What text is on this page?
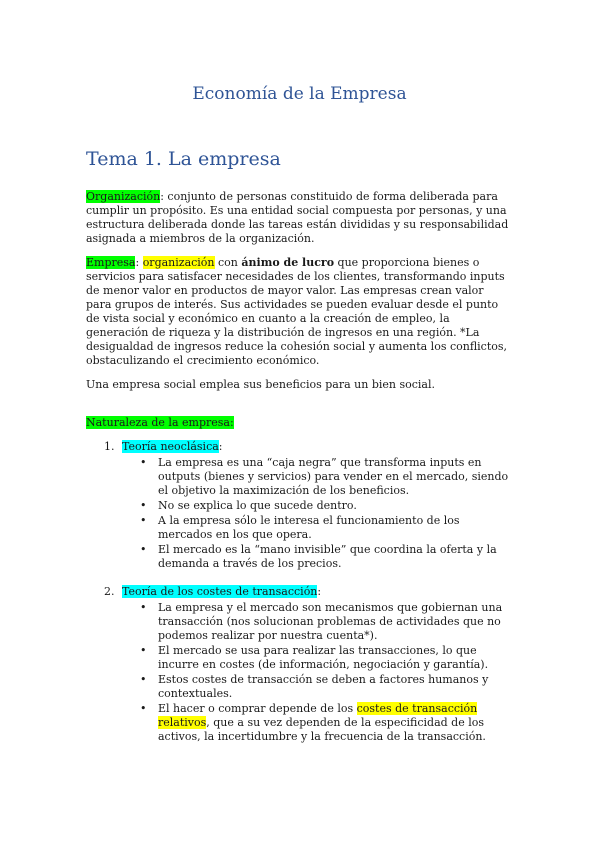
Economía de la Empresa
Tema 1. La empresa

Organización: conjunto de personas constituido de forma deliberada para cumplir un propósito. Es una entidad social compuesta por personas, y una estructura deliberada donde las tareas están divididas y su responsabilidad asignada a miembros de la organización.

Empresa: organización con ánimo de lucro que proporciona bienes o servicios para satisfacer necesidades de los clientes, transformando inputs de menor valor en productos de mayor valor. Las empresas crean valor para grupos de interés. Sus actividades se pueden evaluar desde el punto de vista social y económico en cuanto a la creación de empleo, la generación de riqueza y la distribución de ingresos en una región. *La desigualdad de ingresos reduce la cohesión social y aumenta los conflictos, obstaculizando el crecimiento económico.

Una empresa social emplea sus beneficios para un bien social.

Naturaleza de la empresa:

1. Teoría neoclásica:
• La empresa es una “caja negra” que transforma inputs en outputs (bienes y servicios) para vender en el mercado, siendo el objetivo la maximización de los beneficios.
• No se explica lo que sucede dentro.
• A la empresa sólo le interesa el funcionamiento de los mercados en los que opera.
• El mercado es la “mano invisible” que coordina la oferta y la demanda a través de los precios.
2. Teoría de los costes de transacción:
• La empresa y el mercado son mecanismos que gobiernan una transacción (nos solucionan problemas de actividades que no podemos realizar por nuestra cuenta*).
• El mercado se usa para realizar las transacciones, lo que incurre en costes (de información, negociación y garantía).
• Estos costes de transacción se deben a factores humanos y contextuales.
• El hacer o comprar depende de los costes de transacción relativos, que a su vez dependen de la especificidad de los activos, la incertidumbre y la frecuencia de la transacción.
